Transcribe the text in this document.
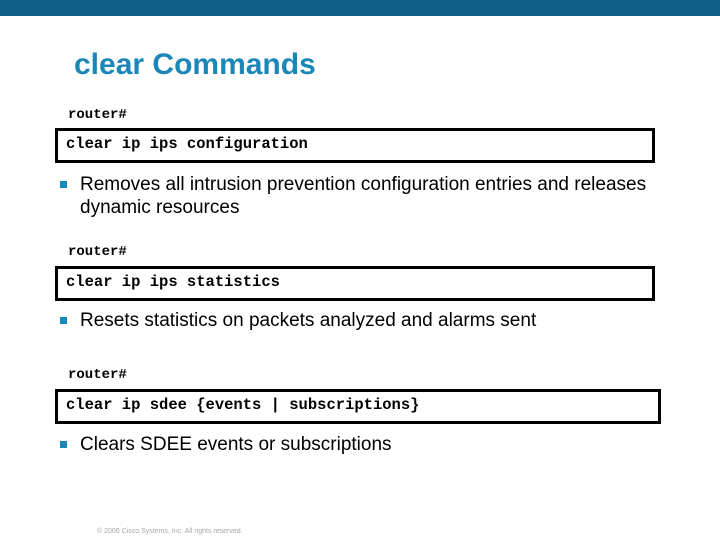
clear Commands
router#
clear ip ips configuration
Removes all intrusion prevention configuration entries and releases dynamic resources
router#
clear ip ips statistics
Resets statistics on packets analyzed and alarms sent
router#
clear ip sdee {events | subscriptions}
Clears SDEE events or subscriptions
© 2006 Cisco Systems, Inc. All rights reserved.
